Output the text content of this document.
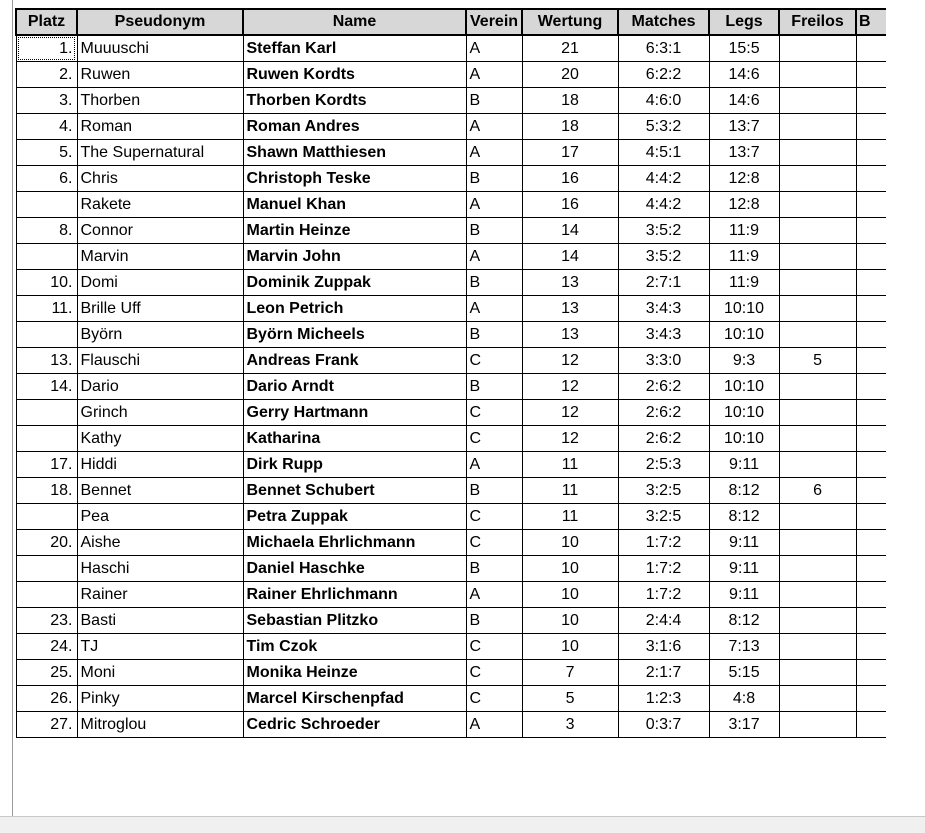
Platz	Pseudonym	Name	Verein	Wertung	Matches	Legs	Freilos	B
1.	Muuuschi	Steffan Karl	A	21	6:3:1	15:5		
2.	Ruwen	Ruwen Kordts	A	20	6:2:2	14:6		
3.	Thorben	Thorben Kordts	B	18	4:6:0	14:6		
4.	Roman	Roman Andres	A	18	5:3:2	13:7		
5.	The Supernatural	Shawn Matthiesen	A	17	4:5:1	13:7		
6.	Chris	Christoph Teske	B	16	4:4:2	12:8		
	Rakete	Manuel Khan	A	16	4:4:2	12:8		
8.	Connor	Martin Heinze	B	14	3:5:2	11:9		
	Marvin	Marvin John	A	14	3:5:2	11:9		
10.	Domi	Dominik Zuppak	B	13	2:7:1	11:9		
11.	Brille Uff	Leon Petrich	A	13	3:4:3	10:10		
	Byörn	Byörn Micheels	B	13	3:4:3	10:10		
13.	Flauschi	Andreas Frank	C	12	3:3:0	9:3	5	
14.	Dario	Dario Arndt	B	12	2:6:2	10:10		
	Grinch	Gerry Hartmann	C	12	2:6:2	10:10		
	Kathy	Katharina	C	12	2:6:2	10:10		
17.	Hiddi	Dirk Rupp	A	11	2:5:3	9:11		
18.	Bennet	Bennet Schubert	B	11	3:2:5	8:12	6	
	Pea	Petra Zuppak	C	11	3:2:5	8:12		
20.	Aishe	Michaela Ehrlichmann	C	10	1:7:2	9:11		
	Haschi	Daniel Haschke	B	10	1:7:2	9:11		
	Rainer	Rainer Ehrlichmann	A	10	1:7:2	9:11		
23.	Basti	Sebastian Plitzko	B	10	2:4:4	8:12		
24.	TJ	Tim Czok	C	10	3:1:6	7:13		
25.	Moni	Monika Heinze	C	7	2:1:7	5:15		
26.	Pinky	Marcel Kirschenpfad	C	5	1:2:3	4:8		
27.	Mitroglou	Cedric Schroeder	A	3	0:3:7	3:17		
